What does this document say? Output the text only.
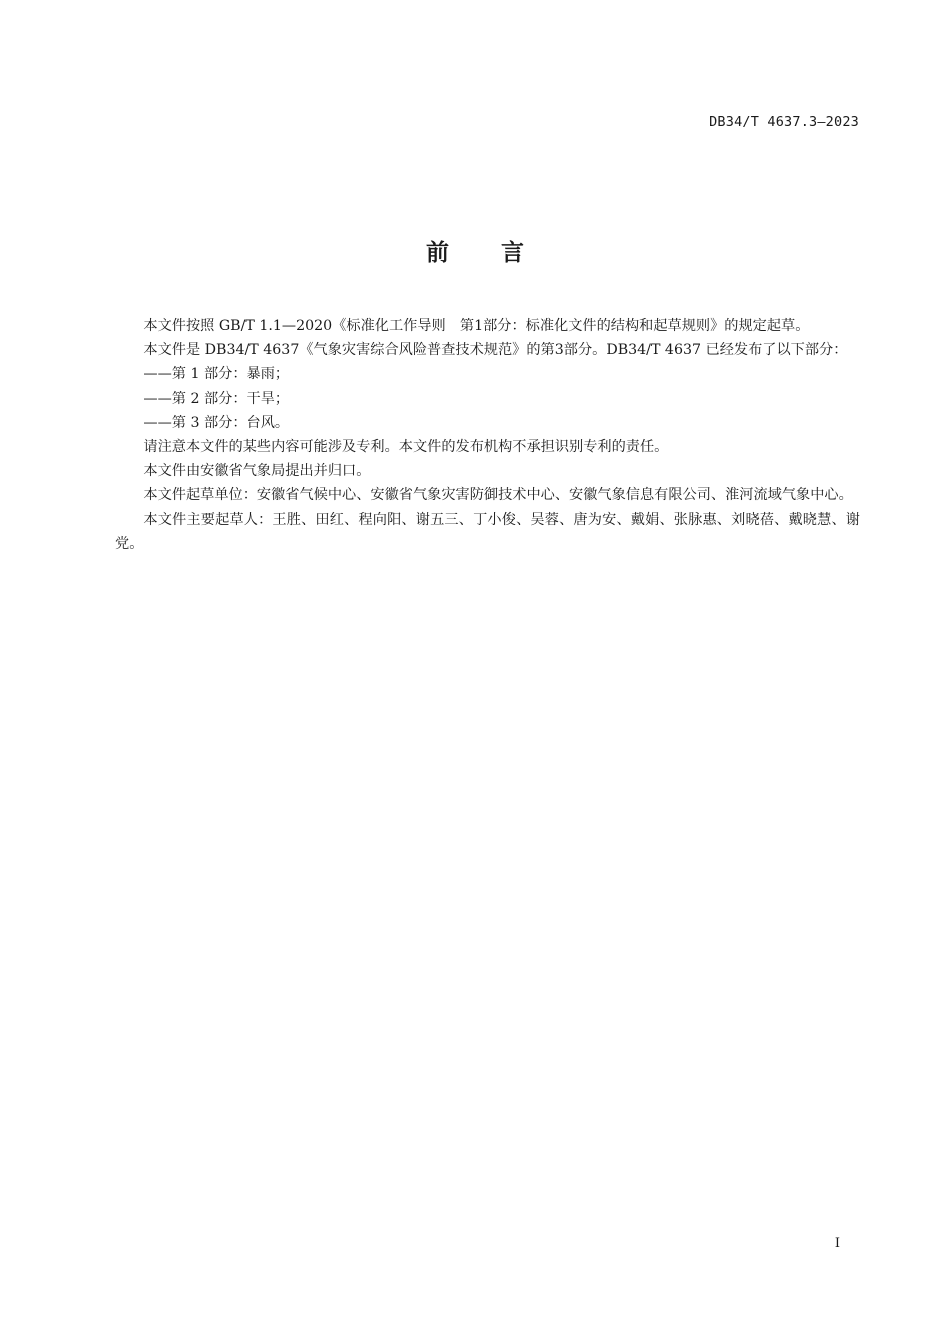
DB34/T 4637.3—2023
前言

本文件按照 GB/T 1.1—2020《标准化工作导则　第1部分：标准化文件的结构和起草规则》的规定起草。

本文件是 DB34/T 4637《气象灾害综合风险普查技术规范》的第3部分。DB34/T 4637 已经发布了以下部分：

——第 1 部分：暴雨；

——第 2 部分：干旱；

——第 3 部分：台风。

请注意本文件的某些内容可能涉及专利。本文件的发布机构不承担识别专利的责任。

本文件由安徽省气象局提出并归口。

本文件起草单位：安徽省气候中心、安徽省气象灾害防御技术中心、安徽气象信息有限公司、淮河流域气象中心。

本文件主要起草人：王胜、田红、程向阳、谢五三、丁小俊、吴蓉、唐为安、戴娟、张脉惠、刘晓蓓、戴晓慧、谢党。

I
